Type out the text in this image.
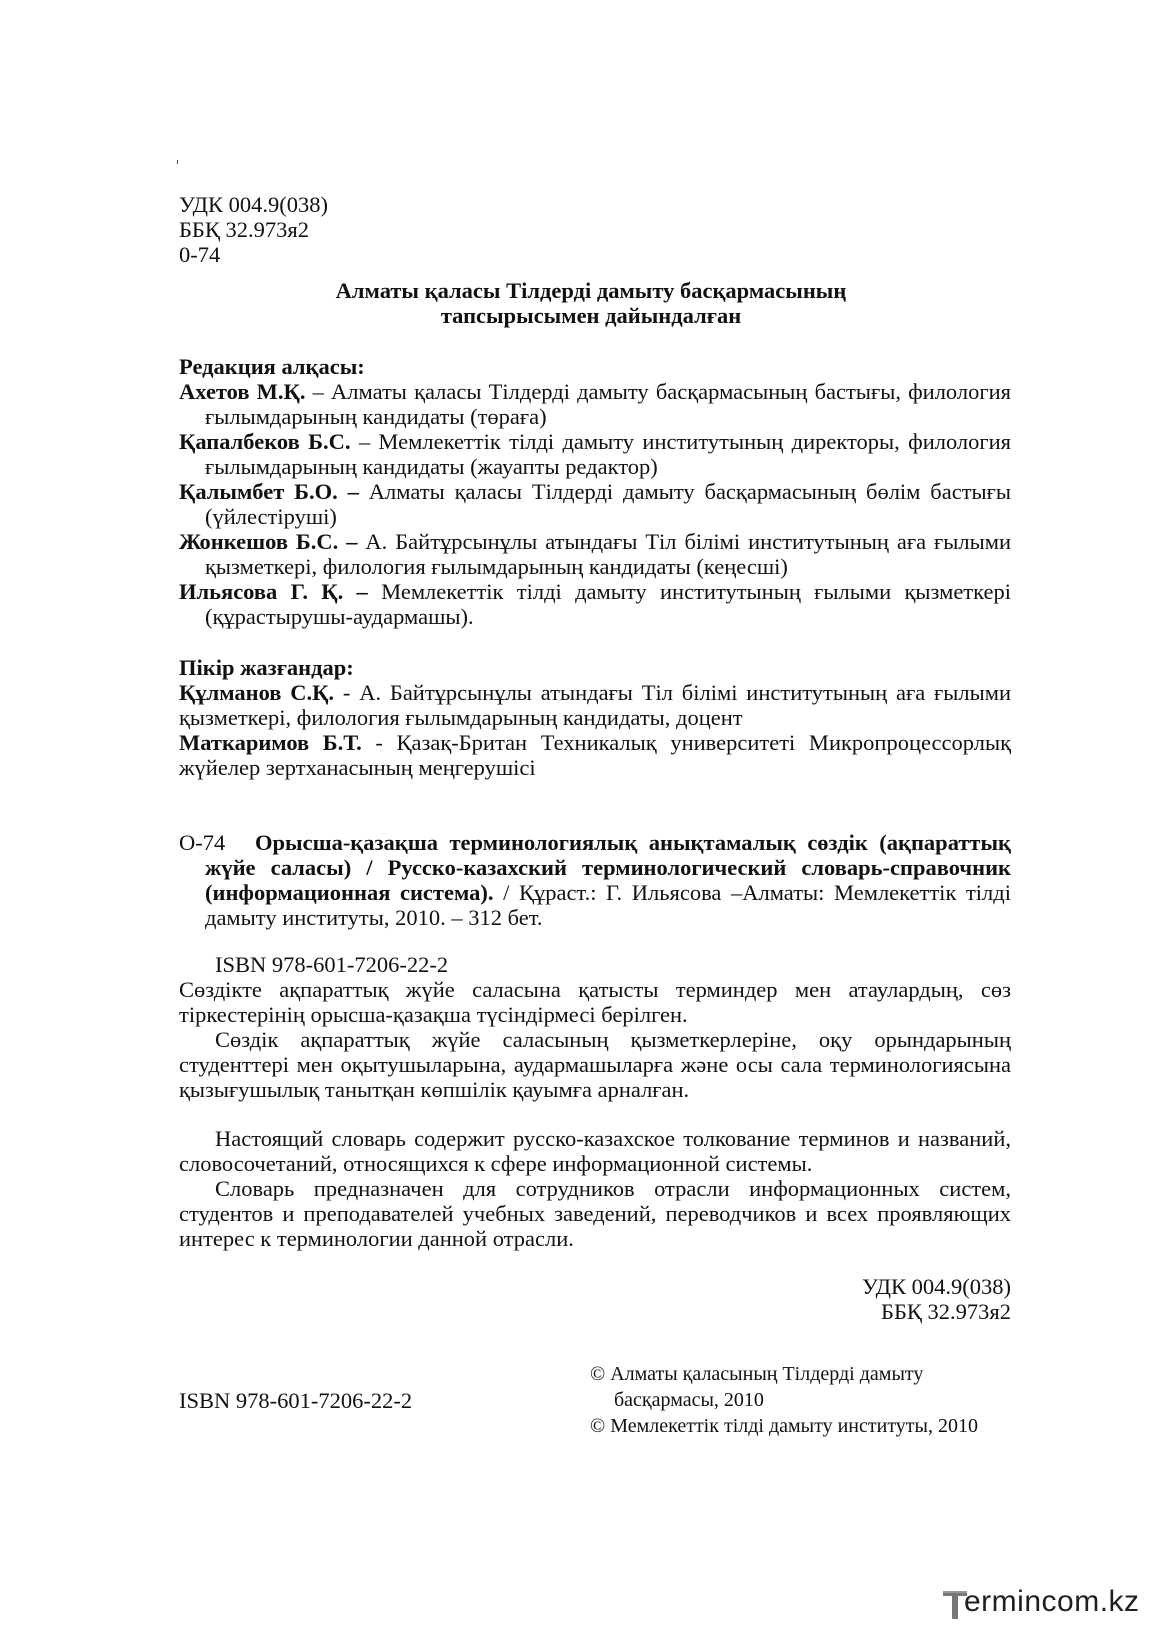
УДК 004.9(038)
ББҚ 32.973я2
0-74
Алматы қаласы Тілдерді дамыту басқармасының
тапсырысымен дайындалған
Редакция алқасы:
Ахетов М.Қ. – Алматы қаласы Тілдерді дамыту басқармасының бастығы, филология ғылымдарының кандидаты (төраға)
Қапалбеков Б.С. – Мемлекеттік тілді дамыту институтының директоры, филология ғылымдарының кандидаты (жауапты редактор)
Қалымбет Б.О. – Алматы қаласы Тілдерді дамыту басқармасының бөлім бастығы (үйлестіруші)
Жонкешов Б.С. – А. Байтұрсынұлы атындағы Тіл білімі институтының аға ғылыми қызметкері, филология ғылымдарының кандидаты (кеңесші)
Ильясова Г. Қ. – Мемлекеттік тілді дамыту институтының ғылыми қызметкері (құрастырушы-аудармашы).
Пікір жазғандар:
Құлманов С.Қ. - А. Байтұрсынұлы атындағы Тіл білімі институтының аға ғылыми қызметкері, филология ғылымдарының кандидаты, доцент
Маткаримов Б.Т. - Қазақ-Британ Техникалық университеті Микропроцессорлық жүйелер зертханасының меңгерушісі
О-74	Орысша-қазақша терминологиялық анықтамалық сөздік (ақпараттық жүйе саласы) / Русско-казахский терминологический словарь-справочник (информационная система). / Құраст.: Г. Ильясова –Алматы: Мемлекеттік тілді дамыту институты, 2010. – 312 бет.
ISBN 978-601-7206-22-2
Сөздікте ақпараттық жүйе саласына қатысты терминдер мен атаулардың, сөз тіркестерінің орысша-қазақша түсіндірмесі берілген.
Сөздік ақпараттық жүйе саласының қызметкерлеріне, оқу орындарының студенттері мен оқытушыларына, аудармашыларға және осы сала терминологиясына қызығушылық танытқан көпшілік қауымға арналған.
Настоящий словарь содержит русско-казахское толкование терминов и названий, словосочетаний, относящихся к сфере информационной системы.
Словарь предназначен для сотрудников отрасли информационных систем, студентов и преподавателей учебных заведений, переводчиков и всех проявляющих интерес к терминологии данной отрасли.
УДК 004.9(038)
ББҚ 32.973я2
ISBN 978-601-7206-22-2
© Алматы қаласының Тілдерді дамыту
басқармасы, 2010
© Мемлекеттік тілді дамыту институты, 2010
ermincom.kz
